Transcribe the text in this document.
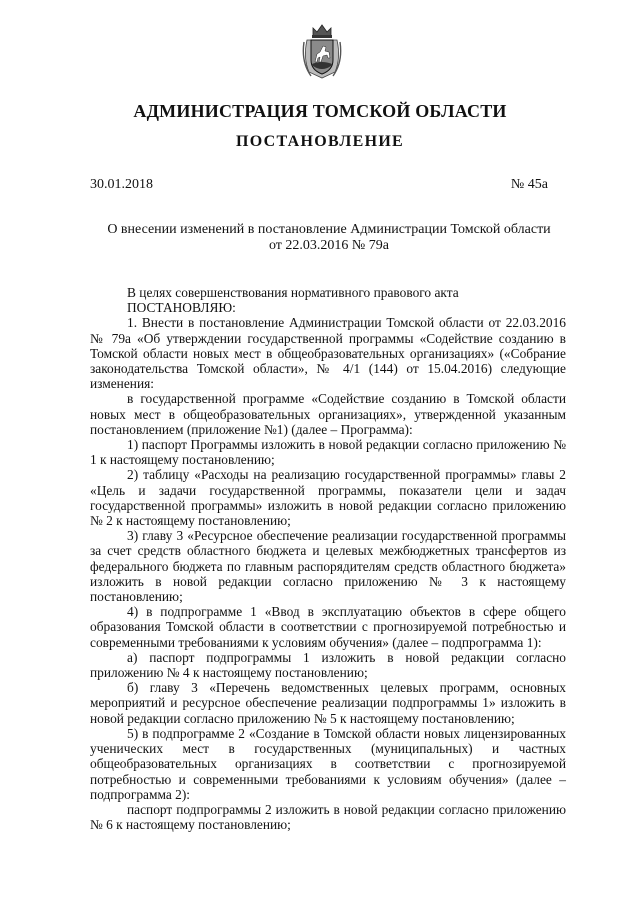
АДМИНИСТРАЦИЯ ТОМСКОЙ ОБЛАСТИ
ПОСТАНОВЛЕНИЕ
30.01.2018	№ 45а
О внесении изменений в постановление Администрации Томской области
от 22.03.2016 № 79а

В целях совершенствования нормативного правового акта

ПОСТАНОВЛЯЮ:

1. Внести в постановление Администрации Томской области от 22.03.2016 № 79а «Об утверждении государственной программы «Содействие созданию в Томской области новых мест в общеобразовательных организациях» («Собрание законодательства Томской области», № 4/1 (144) от 15.04.2016) следующие изменения:

в государственной программе «Содействие созданию в Томской области новых мест в общеобразовательных организациях», утвержденной указанным постановлением (приложение №1) (далее – Программа):

1) паспорт Программы изложить в новой редакции согласно приложению № 1 к настоящему постановлению;

2) таблицу «Расходы на реализацию государственной программы» главы 2 «Цель и задачи государственной программы, показатели цели и задач государственной программы» изложить в новой редакции согласно приложению № 2 к настоящему постановлению;

3) главу 3 «Ресурсное обеспечение реализации государственной программы за счет средств областного бюджета и целевых межбюджетных трансфертов из федерального бюджета по главным распорядителям средств областного бюджета» изложить в новой редакции согласно приложению № 3 к настоящему постановлению;

4) в подпрограмме 1 «Ввод в эксплуатацию объектов в сфере общего образования Томской области в соответствии с прогнозируемой потребностью и современными требованиями к условиям обучения» (далее – подпрограмма 1):

а) паспорт подпрограммы 1 изложить в новой редакции согласно приложению № 4 к настоящему постановлению;

б) главу 3 «Перечень ведомственных целевых программ, основных мероприятий и ресурсное обеспечение реализации подпрограммы 1» изложить в новой редакции согласно приложению № 5 к настоящему постановлению;

5) в подпрограмме 2 «Создание в Томской области новых лицензированных ученических мест в государственных (муниципальных) и частных общеобразовательных организациях в соответствии с прогнозируемой потребностью и современными требованиями к условиям обучения» (далее – подпрограмма 2):

паспорт подпрограммы 2 изложить в новой редакции согласно приложению № 6 к настоящему постановлению;
